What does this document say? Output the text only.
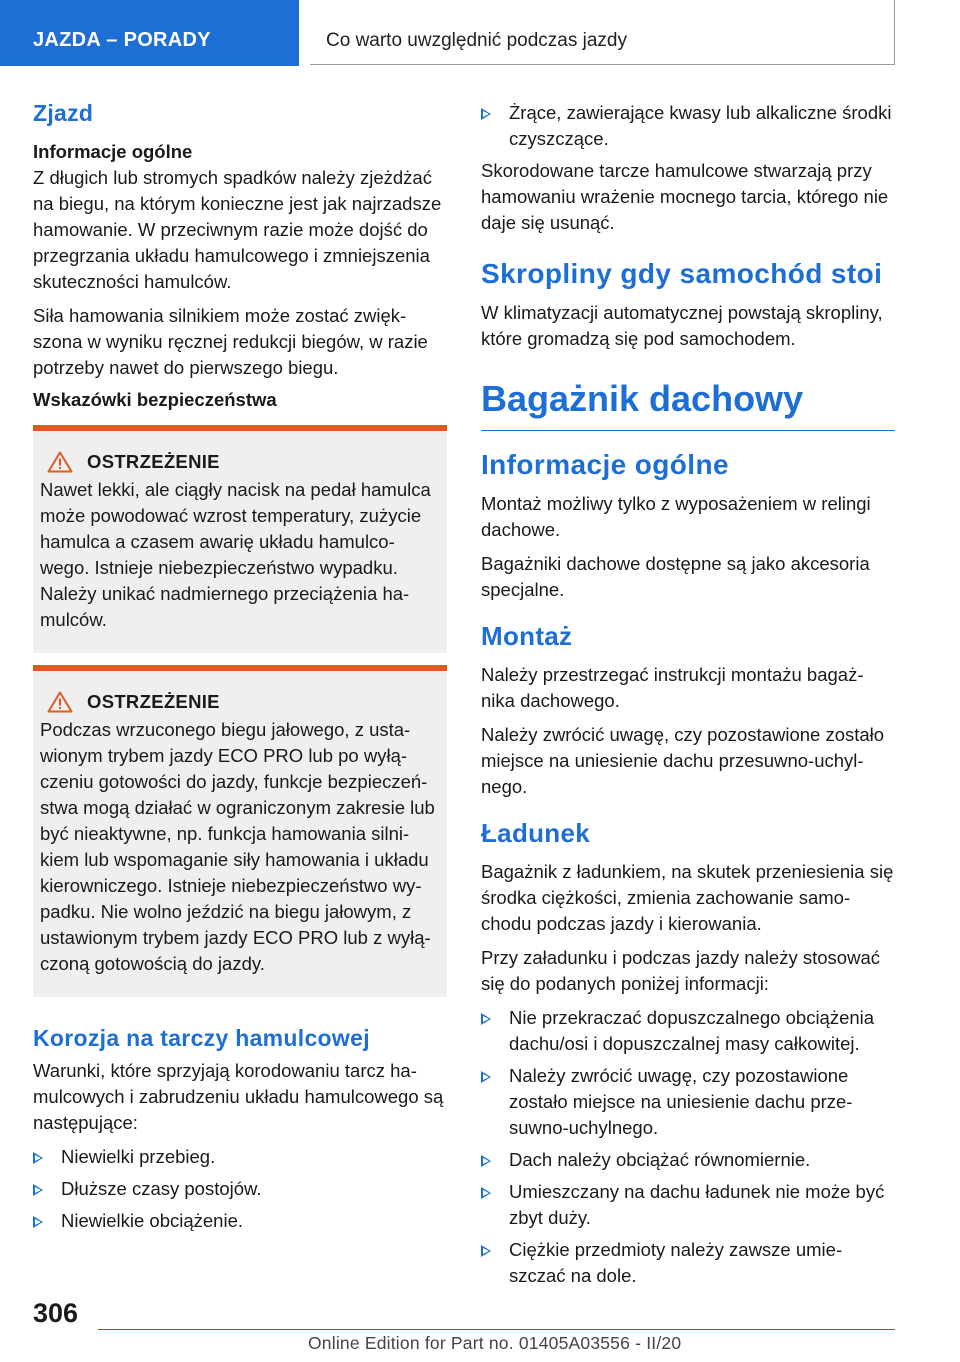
JAZDA – PORADY	Co warto uwzględnić podczas jazdy
Zjazd
Informacje ogólne

Z długich lub stromych spadków należy zjeżdżać na biegu, na którym konieczne jest jak najrzadsze hamowanie. W przeciwnym razie może dojść do przegrzania układu hamulcowego i zmniejszenia skuteczności hamulców.

Siła hamowania silnikiem może zostać zwięk-szona w wyniku ręcznej redukcji biegów, w razie potrzeby nawet do pierwszego biegu.

Wskazówki bezpieczeństwa
OSTRZEŻENIE

Nawet lekki, ale ciągły nacisk na pedał hamulca może powodować wzrost temperatury, zużycie hamulca a czasem awarię układu hamulco-wego. Istnieje niebezpieczeństwo wypadku. Należy unikać nadmiernego przeciążenia ha-mulców.

OSTRZEŻENIE

Podczas wrzuconego biegu jałowego, z usta-wionym trybem jazdy ECO PRO lub po wyłą-czeniu gotowości do jazdy, funkcje bezpieczeń-stwa mogą działać w ograniczonym zakresie lub być nieaktywne, np. funkcja hamowania silni-kiem lub wspomaganie siły hamowania i układu kierowniczego. Istnieje niebezpieczeństwo wy-padku. Nie wolno jeździć na biegu jałowym, z ustawionym trybem jazdy ECO PRO lub z wyłą-czoną gotowością do jazdy.

Korozja na tarczy hamulcowej

Warunki, które sprzyjają korodowaniu tarcz ha-mulcowych i zabrudzeniu układu hamulcowego są następujące:

Niewielki przebieg.
Dłuższe czasy postojów.
Niewielkie obciążenie.
Żrące, zawierające kwasy lub alkaliczne środki czyszczące.

Skorodowane tarcze hamulcowe stwarzają przy hamowaniu wrażenie mocnego tarcia, którego nie daje się usunąć.

Skropliny gdy samochód stoi

W klimatyzacji automatycznej powstają skropliny, które gromadzą się pod samochodem.

Bagażnik dachowy
Informacje ogólne

Montaż możliwy tylko z wyposażeniem w relingi dachowe.

Bagażniki dachowe dostępne są jako akcesoria specjalne.

Montaż

Należy przestrzegać instrukcji montażu bagaż-nika dachowego.

Należy zwrócić uwagę, czy pozostawione zostało miejsce na uniesienie dachu przesuwno-uchyl-nego.

Ładunek

Bagażnik z ładunkiem, na skutek przeniesienia się środka ciężkości, zmienia zachowanie samo-chodu podczas jazdy i kierowania.

Przy załadunku i podczas jazdy należy stosować się do podanych poniżej informacji:

Nie przekraczać dopuszczalnego obciążenia dachu/osi i dopuszczalnej masy całkowitej.
Należy zwrócić uwagę, czy pozostawione zostało miejsce na uniesienie dachu prze-suwno-uchylnego.
Dach należy obciążać równomiernie.
Umieszczany na dachu ładunek nie może być zbyt duży.
Ciężkie przedmioty należy zawsze umie-szczać na dole.
306
Online Edition for Part no. 01405A03556 - II/20
